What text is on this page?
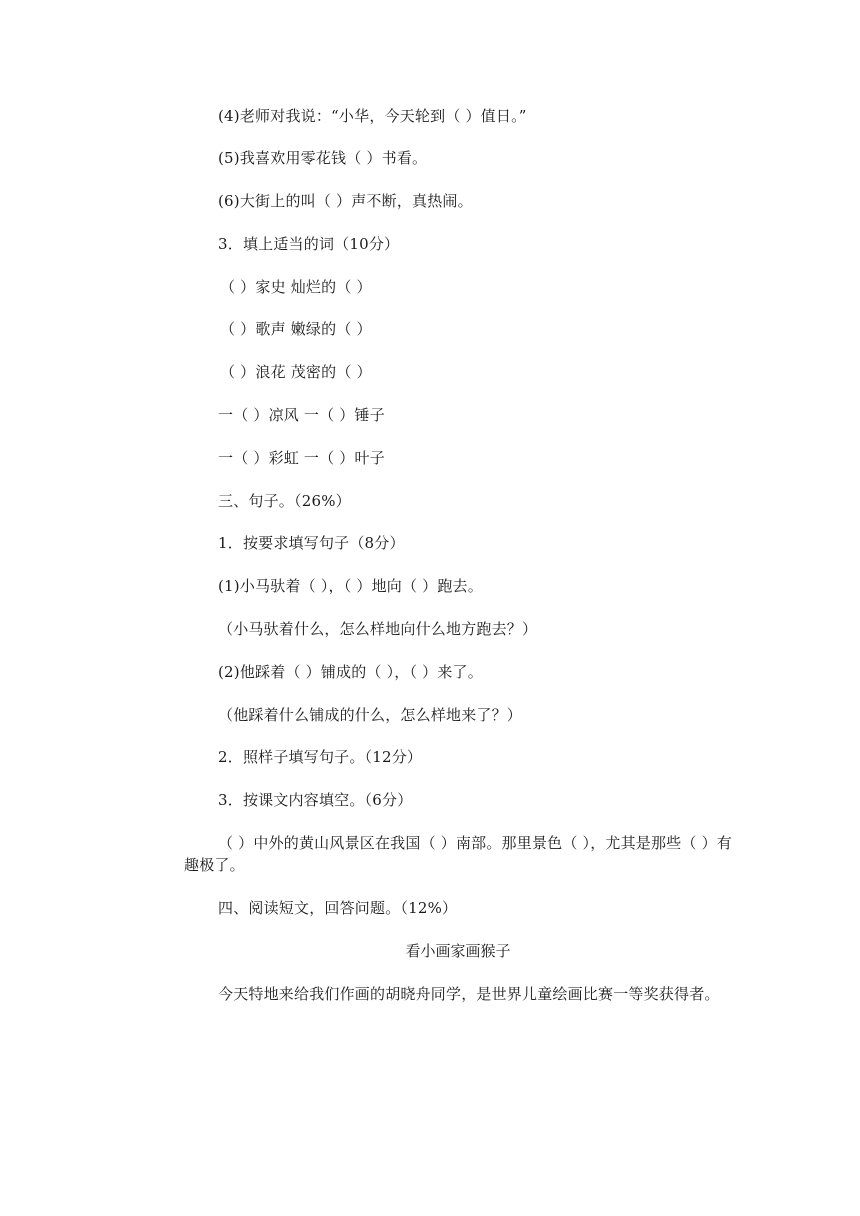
(4)老师对我说：“小华，今天轮到（ ）值日。”
(5)我喜欢用零花钱（ ）书看。
(6)大街上的叫（ ）声不断，真热闹。
3．填上适当的词（10分）
（ ）家史 灿烂的（ ）
（ ）歌声 嫩绿的（ ）
（ ）浪花 茂密的（ ）
一（ ）凉风 一（ ）锤子
一（ ）彩虹 一（ ）叶子
三、句子。（26%）
1．按要求填写句子（8分）
(1)小马驮着（ ），（ ）地向（ ）跑去。
（小马驮着什么，怎么样地向什么地方跑去？）
(2)他踩着（ ）铺成的（ ），（ ）来了。
（他踩着什么铺成的什么，怎么样地来了？）
2．照样子填写句子。（12分）
3．按课文内容填空。（6分）
（ ）中外的黄山风景区在我国（ ）南部。那里景色（ ），尤其是那些（ ）有趣极了。
四、阅读短文，回答问题。（12%）
看小画家画猴子
今天特地来给我们作画的胡晓舟同学，是世界儿童绘画比赛一等奖获得者。
